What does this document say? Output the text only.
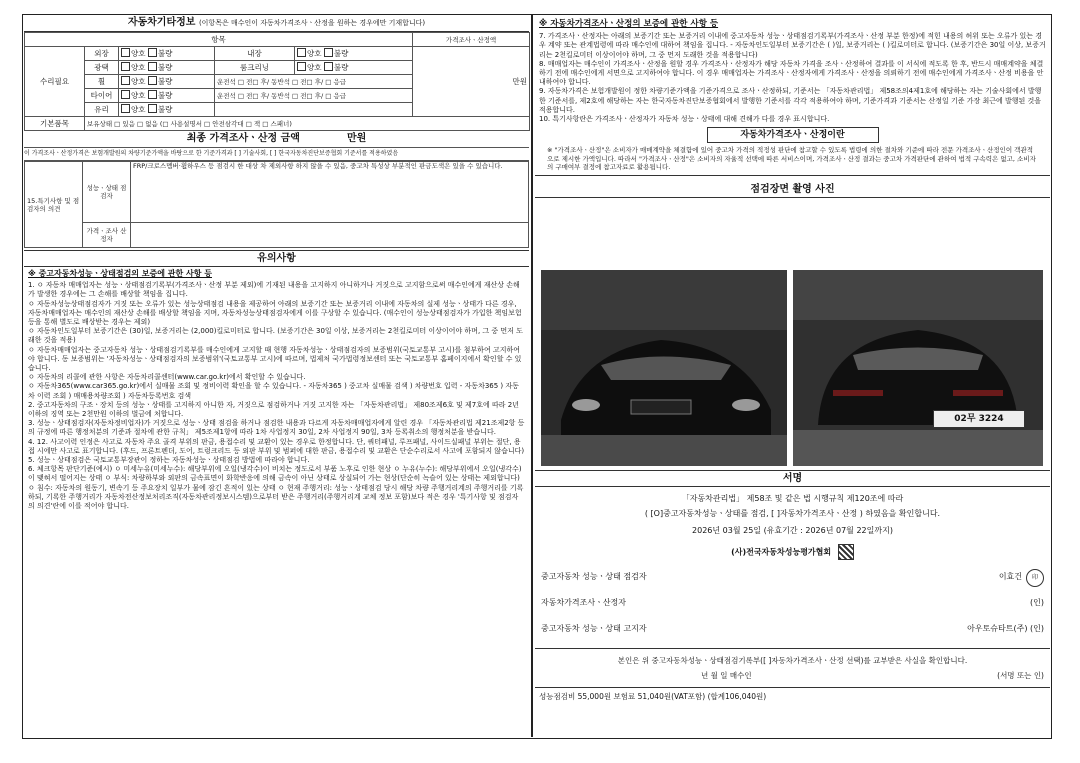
자동차기타정보 (이항목은 매수인이 자동차가격조사ㆍ산정을 원하는 경우에만 기재합니다)
항목					가격조사ㆍ산정액
수리필요	외장	양호 불량	내장	양호 불량	만원
	광택	양호 불량	룸크리닝	양호 불량	
	휠	양호 불량	운전석 □ 전□ 후/ 동반석 □ 전□ 후/ □ 응급		
	타이어	양호 불량	운전석 □ 전□ 후/ 동반석 □ 전□ 후/ □ 응급		
	유리	양호 불량			
기본품목	보유상태 □ 있음 □ 없음 (□ 사용설명서 □ 안전삼각대 □ 잭 □ 스패너)				
최종 가격조사ㆍ산정 금액	만원
이 가격조사ㆍ산정가격은 보험개발원의 차량기준가액을 바탕으로 한 기준가격과 [ ] 기술사회, [ ] 한국자동차진단보증협회 기준서를 적용하였음
15.특기사항 및 점검자의 의견	성능ㆍ상태 점검자	FRP/크로스멤버·휠하우스 등 점검시 한 대상 차 제외사항 하지 않을 수 있음, 중고차 특성상 부분적인 판금도색은 있을 수 있습니다.
	가격ㆍ조사 산정자	
유의사항

※ 중고자동차성능ㆍ상태점검의 보증에 관한 사항 등

1. ㅇ 자동차 매매업자는 성능ㆍ상태점검기록부(가격조사ㆍ산정 부분 제외)에 기재된 내용을 고지하지 아니하거나 거짓으로 고지함으로써 매수인에게 재산상 손해가 발생한 경우에는 그 손해를 배상할 책임을 집니다.

ㅇ 자동차성능상태점검자가 거짓 또는 오류가 있는 성능상태점검 내용을 제공하여 아래의 보증기간 또는 보증거리 이내에 자동차의 실제 성능ㆍ상태가 다른 경우, 자동차매매업자는 매수인의 재산상 손해를 배상할 책임을 지며, 자동차성능상태점검자에게 이를 구상할 수 있습니다. (매수인이 성능상태점검자가 가입한 책임보험 등을 통해 별도로 배상받는 경우는 제외)

ㅇ 자동차인도일부터 보증기간은 (30)일, 보증거리는 (2,000)킬로미터로 합니다. (보증기간은 30일 이상, 보증거리는 2천킬로미터 이상이어야 하며, 그 중 먼저 도래한 것을 적용)

ㅇ 자동차매매업자는 중고자동차 성능ㆍ상태점검기록부를 매수인에게 고지할 때 현행 자동차성능ㆍ상태점검자의 보증범위(국토교통부 고시)를 첨부하여 고지하여야 합니다. 동 보증범위는 '자동차성능ㆍ상태점검자의 보증범위'(국토교통부 고시)에 따르며, 법제처 국가법령정보센터 또는 국토교통부 홈페이지에서 확인할 수 있습니다.

ㅇ 자동차의 리콜에 관한 사항은 자동차리콜센터(www.car.go.kr)에서 확인할 수 있습니다.

ㅇ 자동차365(www.car365.go.kr)에서 실매물 조회 및 정비이력 확인을 할 수 있습니다. - 자동차365 ) 중고차 실매물 검색 ) 차량번호 입력 - 자동차365 ) 자동차 이력 조회 ) 매매용차량조회 ) 자동차등록번호 검색

2. 중고자동차의 구조ㆍ장치 등의 성능ㆍ상태를 고지하지 아니한 자, 거짓으로 점검하거나 거짓 고지한 자는 「자동차관리법」 제80조제6호 및 제7호에 따라 2년 이하의 징역 또는 2천만원 이하의 벌금에 처합니다.

3. 성능ㆍ상태점검자(자동차정비업자)가 거짓으로 성능ㆍ상태 점검을 하거나 점검한 내용과 다르게 자동차매매업자에게 알린 경우 「자동차관리법 제21조제2항 등의 규정에 따른 행정처분의 기준과 절차에 관한 규칙」 제5조제1항에 따라 1차 사업정지 30일, 2차 사업정지 90일, 3차 등록취소의 행정처분을 받습니다.

4. 12. 사고이력 인정은 사고로 자동차 주요 골격 부위의 판금, 용접수리 및 교환이 있는 경우로 한정합니다. 단, 쿼터패널, 루프패널, 사이드실패널 부위는 절단, 용접 시에만 사고로 표기합니다. (후드, 프론트펜더, 도어, 트렁크리드 등 외판 부위 및 범퍼에 대한 판금, 용접수리 및 교환은 단순수리로서 사고에 포함되지 않습니다)

5. 성능ㆍ상태점검은 국토교통부장관이 정하는 자동차성능ㆍ상태점검 방법에 따라야 합니다.

6. 체크항목 판단기준(예시) ㅇ 미세누유(미세누수): 해당부위에 오일(냉각수)이 비치는 정도로서 부품 노후로 인한 현상 ㅇ 누유(누수): 해당부위에서 오일(냉각수)이 맺혀서 떨어지는 상태 ㅇ 부식: 차량하부와 외판의 금속표면이 화학반응에 의해 금속이 아닌 상태로 상실되어 가는 현상(단순히 녹슬어 있는 상태는 제외합니다) ㅇ 침수: 자동차의 원동기, 변속기 등 주요장치 일부가 물에 잠긴 흔적이 있는 상태 ㅇ 현재 주행거리: 성능ㆍ상태점검 당시 해당 차량 주행거리계의 주행거리를 기록하되, 기록한 주행거리가 자동차전산정보처리조직(자동차관리정보시스템)으로부터 받은 주행거리(주행거리계 교체 정보 포함)보다 적은 경우 '특기사항 및 점검자의 의견'란에 이를 적어야 합니다.

※ 자동차가격조사ㆍ산정의 보증에 관한 사항 등

7. 가격조사ㆍ산정자는 아래의 보증기간 또는 보증거리 이내에 중고자동차 성능ㆍ상태점검기록부(가격조사ㆍ산정 부분 한정)에 적힌 내용의 허위 또는 오류가 있는 경우 계약 또는 관계법령에 따라 매수인에 대하여 책임을 집니다. - 자동차인도일부터 보증기간은 ( )일, 보증거리는 ( )킬로미터로 합니다. (보증기간은 30일 이상, 보증거리는 2천킬로미터 이상이어야 하며, 그 중 먼저 도래한 것을 적용합니다)

8. 매매업자는 매수인이 가격조사ㆍ산정을 원할 경우 가격조사ㆍ산정자가 해당 자동차 가격을 조사ㆍ산정하여 결과를 이 서식에 적도록 한 후, 반드시 매매계약을 체결하기 전에 매수인에게 서면으로 고지하여야 합니다. 이 경우 매매업자는 가격조사ㆍ산정자에게 가격조사ㆍ산정을 의뢰하기 전에 매수인에게 가격조사ㆍ산정 비용을 안내하여야 합니다.

9. 자동차가격은 보험개발원이 정한 차량기준가액을 기준가격으로 조사ㆍ산정하되, 기준서는 「자동차관리법」 제58조의4제1호에 해당하는 자는 기술사회에서 발행한 기준서를, 제2호에 해당하는 자는 한국자동차진단보증협회에서 발행한 기준서를 각각 적용하여야 하며, 기준가격과 기준서는 산정일 기준 가장 최근에 발행된 것을 적용합니다.

10. 특기사항란은 가격조사ㆍ산정자가 자동차 성능ㆍ상태에 대해 견해가 다를 경우 표시합니다.

자동차가격조사ㆍ산정이란
※ "가격조사ㆍ산정"은 소비자가 매매계약을 체결함에 있어 중고차 가격의 적정성 판단에 참고할 수 있도록 법령에 의한 절차와 기준에 따라 전문 가격조사ㆍ산정인이 객관적으로 제시한 가액입니다. 따라서 "가격조사ㆍ산정"은 소비자의 자율적 선택에 따른 서비스이며, 가격조사ㆍ산정 결과는 중고차 가격판단에 관하여 법적 구속력은 없고, 소비자의 구매여부 결정에 참고자료로 활용됩니다.
점검장면 촬영 사진
02무 3224
서명
「자동차관리법」 제58조 및 같은 법 시행규칙 제120조에 따라
( [O]중고자동차성능ㆍ상태를 점검, [ ]자동차가격조사ㆍ산정 ) 하였음을 확인합니다.
2026년 03월 25일 (유효기간 : 2026년 07월 22일까지)
(사)전국자동차성능평가협회
중고자동차 성능ㆍ상태 점검자	이효건 印
자동차가격조사ㆍ산정자	(인)
중고자동차 성능ㆍ상태 고지자	아우토슈타트(주) (인)
본인은 위 중고자동차성능ㆍ상태점검기록부([ ]자동차가격조사ㆍ산정 선택)를 교부받은 사실을 확인합니다.
년 월 일 매수인	(서명 또는 인)
성능점검비 55,000원 보험료 51,040원(VAT포함) (합계106,040원)
